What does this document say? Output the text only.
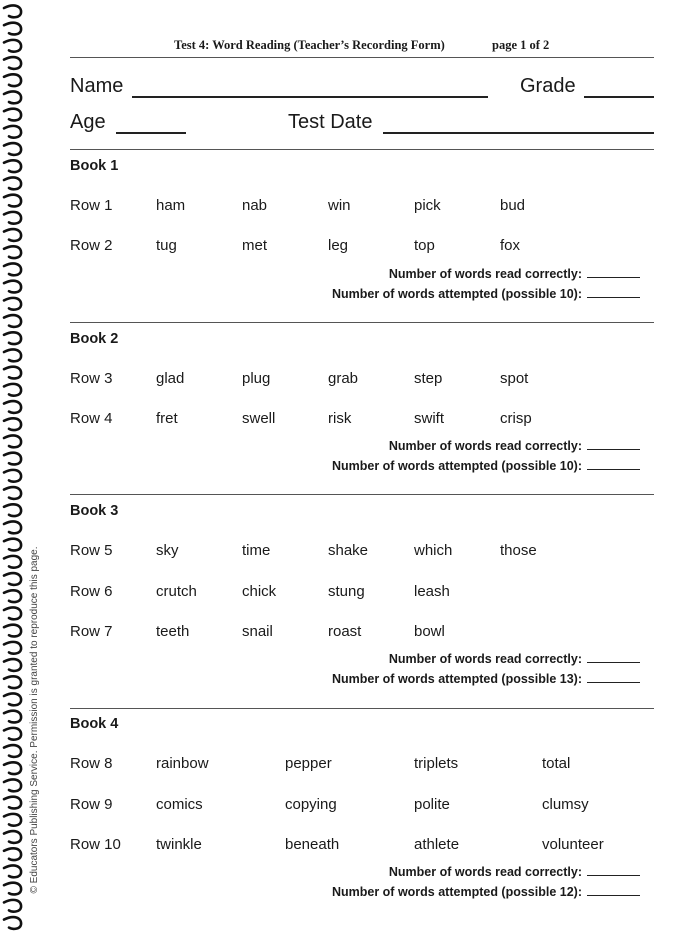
© Educators Publishing Service. Permission is granted to reproduce this page.
Test 4: Word Reading (Teacher’s Recording Form)	page 1 of 2
Name	Grade
Age	Test Date
Book 1
Row 1	ham	nab	win	pick	bud
Row 2	tug	met	leg	top	fox
Number of words read correctly:
Number of words attempted (possible 10):
Book 2
Row 3	glad	plug	grab	step	spot
Row 4	fret	swell	risk	swift	crisp
Number of words read correctly:
Number of words attempted (possible 10):
Book 3
Row 5	sky	time	shake	which	those
Row 6	crutch	chick	stung	leash
Row 7	teeth	snail	roast	bowl
Number of words read correctly:
Number of words attempted (possible 13):
Book 4
Row 8	rainbow	pepper	triplets	total
Row 9	comics	copying	polite	clumsy
Row 10 twinkle	beneath	athlete	volunteer
Number of words read correctly:
Number of words attempted (possible 12):
